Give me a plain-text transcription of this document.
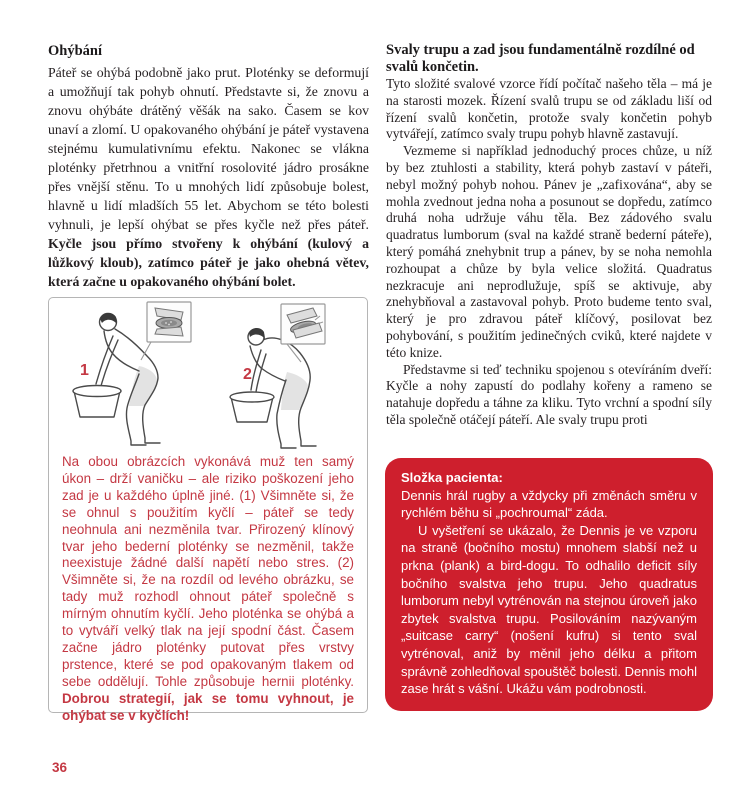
Ohýbání

Páteř se ohýbá podobně jako prut. Ploténky se deformují a umožňují tak pohyb ohnutí. Představte si, že znovu a znovu ohýbáte drátěný věšák na sako. Časem se kov unaví a zlomí. U opakovaného ohýbání je páteř vystavena stejnému kumulativnímu efektu. Nakonec se vlákna ploténky přetrhnou a vnitřní rosolovité jádro prosákne přes vnější stěnu. To u mnohých lidí způsobuje bolest, hlavně u lidí mladších 55 let. Abychom se této bolesti vyhnuli, je lepší ohýbat se přes kyčle než přes páteř. Kyčle jsou přímo stvořeny k ohýbání (kulový a lůžkový kloub), zatímco páteř je jako ohebná větev, která začne u opakovaného ohýbání bolet.

1	2

Na obou obrázcích vykonává muž ten samý úkon – drží vaničku – ale riziko poškození jeho zad je u každého úplně jiné. (1) Všimněte si, že se ohnul s použitím kyčlí – páteř se tedy neohnula ani nezměnila tvar. Přirozený klínový tvar jeho bederní ploténky se nezměnil, takže neexistuje žádné další napětí nebo stres. (2) Všimněte si, že na rozdíl od levého obrázku, se tady muž rozhodl ohnout páteř společně s mírným ohnutím kyčlí. Jeho ploténka se ohýbá a to vytváří velký tlak na její spodní část. Časem začne jádro ploténky putovat přes vrstvy prstence, které se pod opakovaným tlakem od sebe oddělují. Tohle způsobuje hernii ploténky. Dobrou strategií, jak se tomu vyhnout, je ohýbat se v kyčlích!

Svaly trupu a zad jsou fundamentálně rozdílné od svalů končetin.

Tyto složité svalové vzorce řídí počítač našeho těla – má je na starosti mozek. Řízení svalů trupu se od základu liší od řízení svalů končetin, protože svaly končetin pohyb vytvářejí, zatímco svaly trupu pohyb hlavně zastavují.

Vezmeme si například jednoduchý proces chůze, u níž by bez ztuhlosti a stability, která pohyb zastaví v páteři, nebyl možný pohyb nohou. Pánev je „zafixována“, aby se mohla zvednout jedna noha a posunout se dopředu, zatímco druhá noha udržuje váhu těla. Bez zádového svalu quadratus lumborum (sval na každé straně bederní páteře), který pomáhá znehybnit trup a pánev, by se noha nemohla rozhoupat a chůze by byla velice složitá. Quadratus nezkracuje ani neprodlužuje, spíš se aktivuje, aby znehybňoval a zastavoval pohyb. Proto budeme tento sval, který je pro zdravou páteř klíčový, posilovat bez pohybování, s použitím jedinečných cviků, které najdete v této knize.

Představme si teď techniku spojenou s otevíráním dveří: Kyčle a nohy zapustí do podlahy kořeny a rameno se natahuje dopředu a táhne za kliku. Tyto vrchní a spodní síly těla společně otáčejí páteří. Ale svaly trupu proti

Složka pacienta:

Dennis hrál rugby a vždycky při změnách směru v rychlém běhu si „pochroumal“ záda.

U vyšetření se ukázalo, že Dennis je ve vzporu na straně (bočního mostu) mnohem slabší než u prkna (plank) a bird-dogu. To odhalilo deficit síly bočního svalstva jeho trupu. Jeho quadratus lumborum nebyl vytrénován na stejnou úroveň jako zbytek svalstva trupu. Posilováním nazývaným „suitcase carry“ (nošení kufru) si tento sval vytrénoval, aniž by měnil jeho délku a přitom správně zohledňoval spouštěč bolesti. Dennis mohl zase hrát s vášní. Ukážu vám podrobnosti.

36
